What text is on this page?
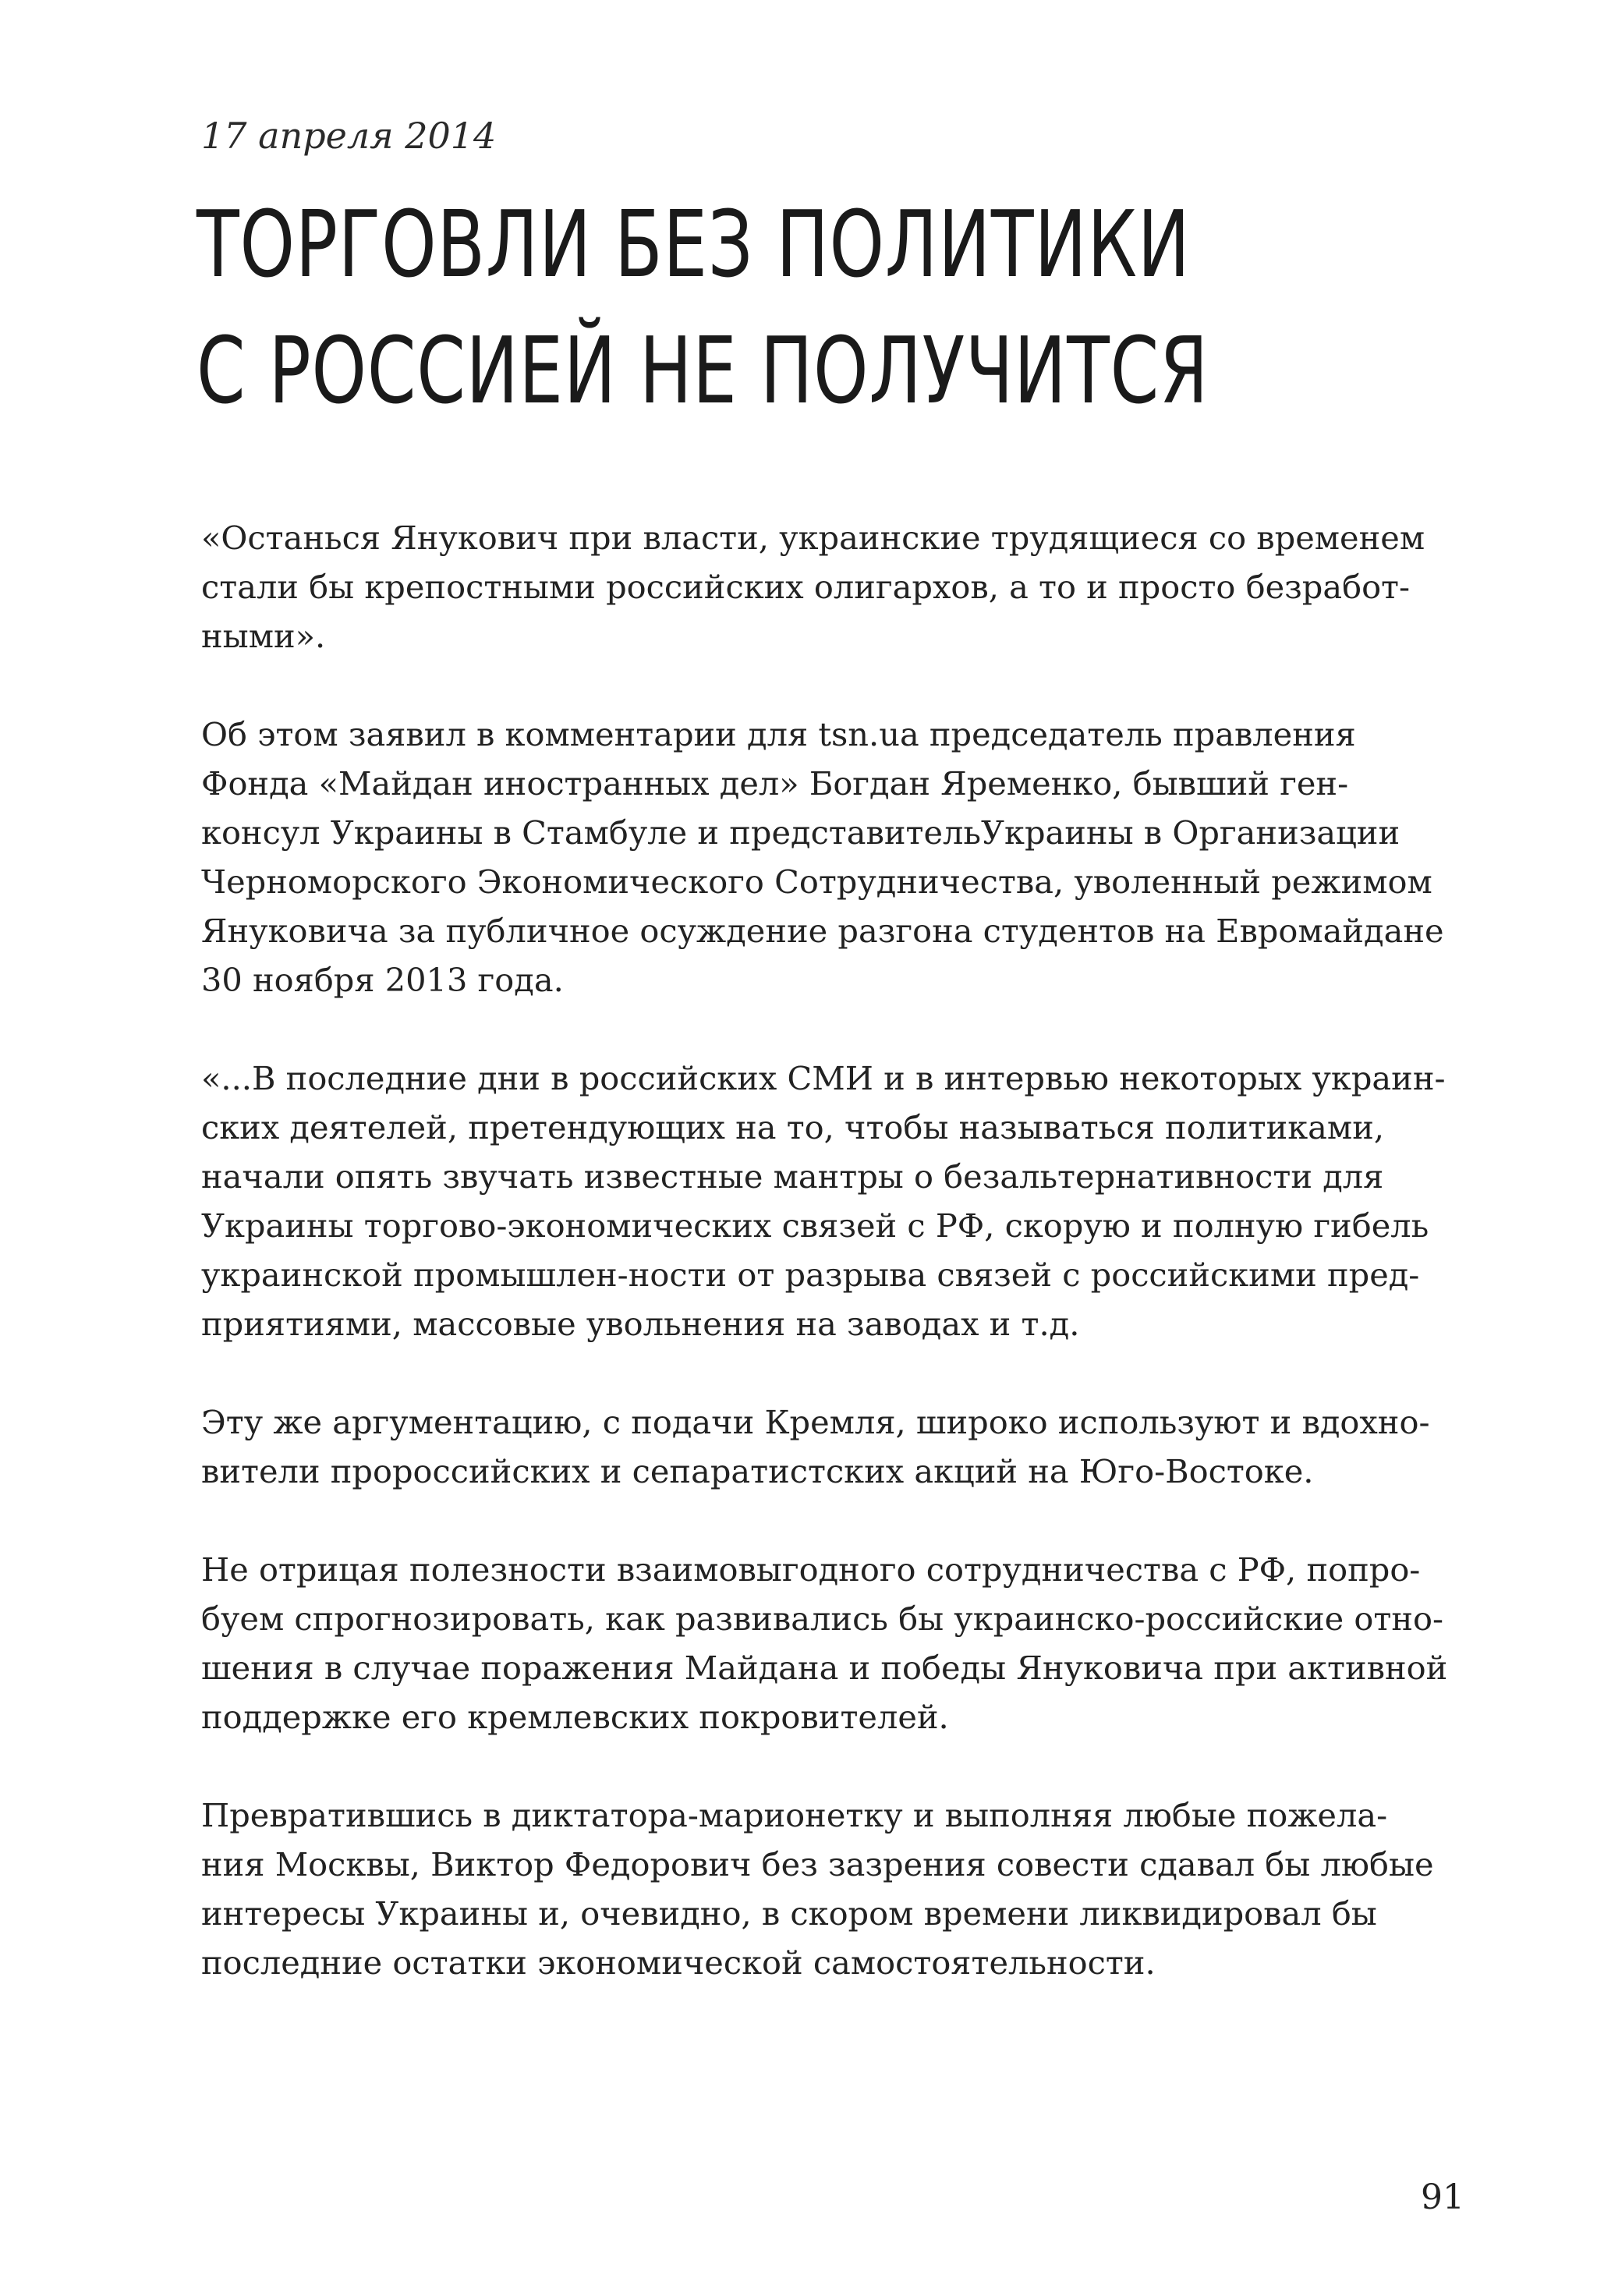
17 апреля 2014
ТОРГОВЛИ БЕЗ ПОЛИТИКИ
С РОССИЕЙ НЕ ПОЛУЧИТСЯ

«Останься Янукович при власти, украинские трудящиеся со временем
стали бы крепостными российских олигархов, а то и просто безработ-
ными».

Об этом заявил в комментарии для tsn.ua председатель правления
Фонда «Майдан иностранных дел» Богдан Яременко, бывший ген-
консул Украины в Стамбуле и представительУкраины в Организации
Черноморского Экономического Сотрудничества, уволенный режимом
Януковича за публичное осуждение разгона студентов на Евромайдане
30 ноября 2013 года.

«...В последние дни в российских СМИ и в интервью некоторых украин-
ских деятелей, претендующих на то, чтобы называться политиками,
начали опять звучать известные мантры о безальтернативности для
Украины торгово-экономических связей с РФ, скорую и полную гибель
украинской промышлен-ности от разрыва связей с российскими пред-
приятиями, массовые увольнения на заводах и т.д.

Эту же аргументацию, с подачи Кремля, широко используют и вдохно-
вители пророссийских и сепаратистских акций на Юго-Востоке.

Не отрицая полезности взаимовыгодного сотрудничества с РФ, попро-
буем спрогнозировать, как развивались бы украинско-российские отно-
шения в случае поражения Майдана и победы Януковича при активной
поддержке его кремлевских покровителей.

Превратившись в диктатора-марионетку и выполняя любые пожела-
ния Москвы, Виктор Федорович без зазрения совести сдавал бы любые
интересы Украины и, очевидно, в скором времени ликвидировал бы
последние остатки экономической самостоятельности.

91
